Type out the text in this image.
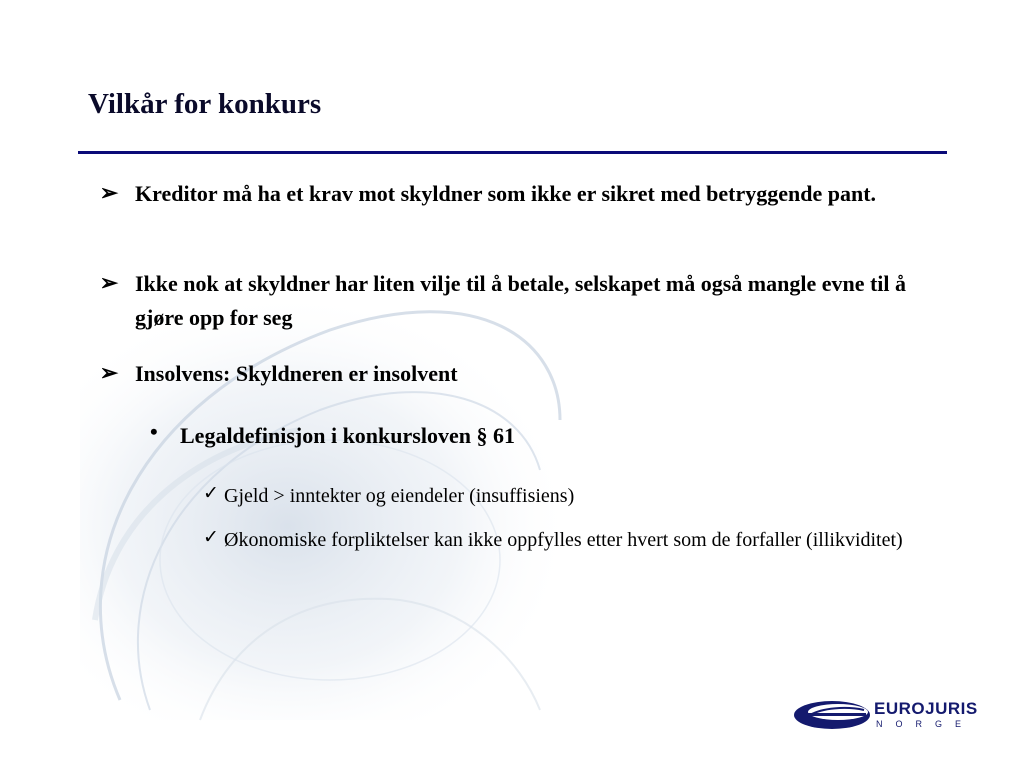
Vilkår for konkurs
➢ Kreditor må ha et krav mot skyldner som ikke er sikret med betryggende pant.
➢ Ikke nok at skyldner har liten vilje til å betale, selskapet må også mangle evne til å gjøre opp for seg
➢ Insolvens: Skyldneren er insolvent
• Legaldefinisjon i konkursloven § 61
✓ Gjeld > inntekter og eiendeler (insuffisiens)
✓ Økonomiske forpliktelser kan ikke oppfylles etter hvert som de forfaller (illikviditet)
EUROJURIS
NORGE
